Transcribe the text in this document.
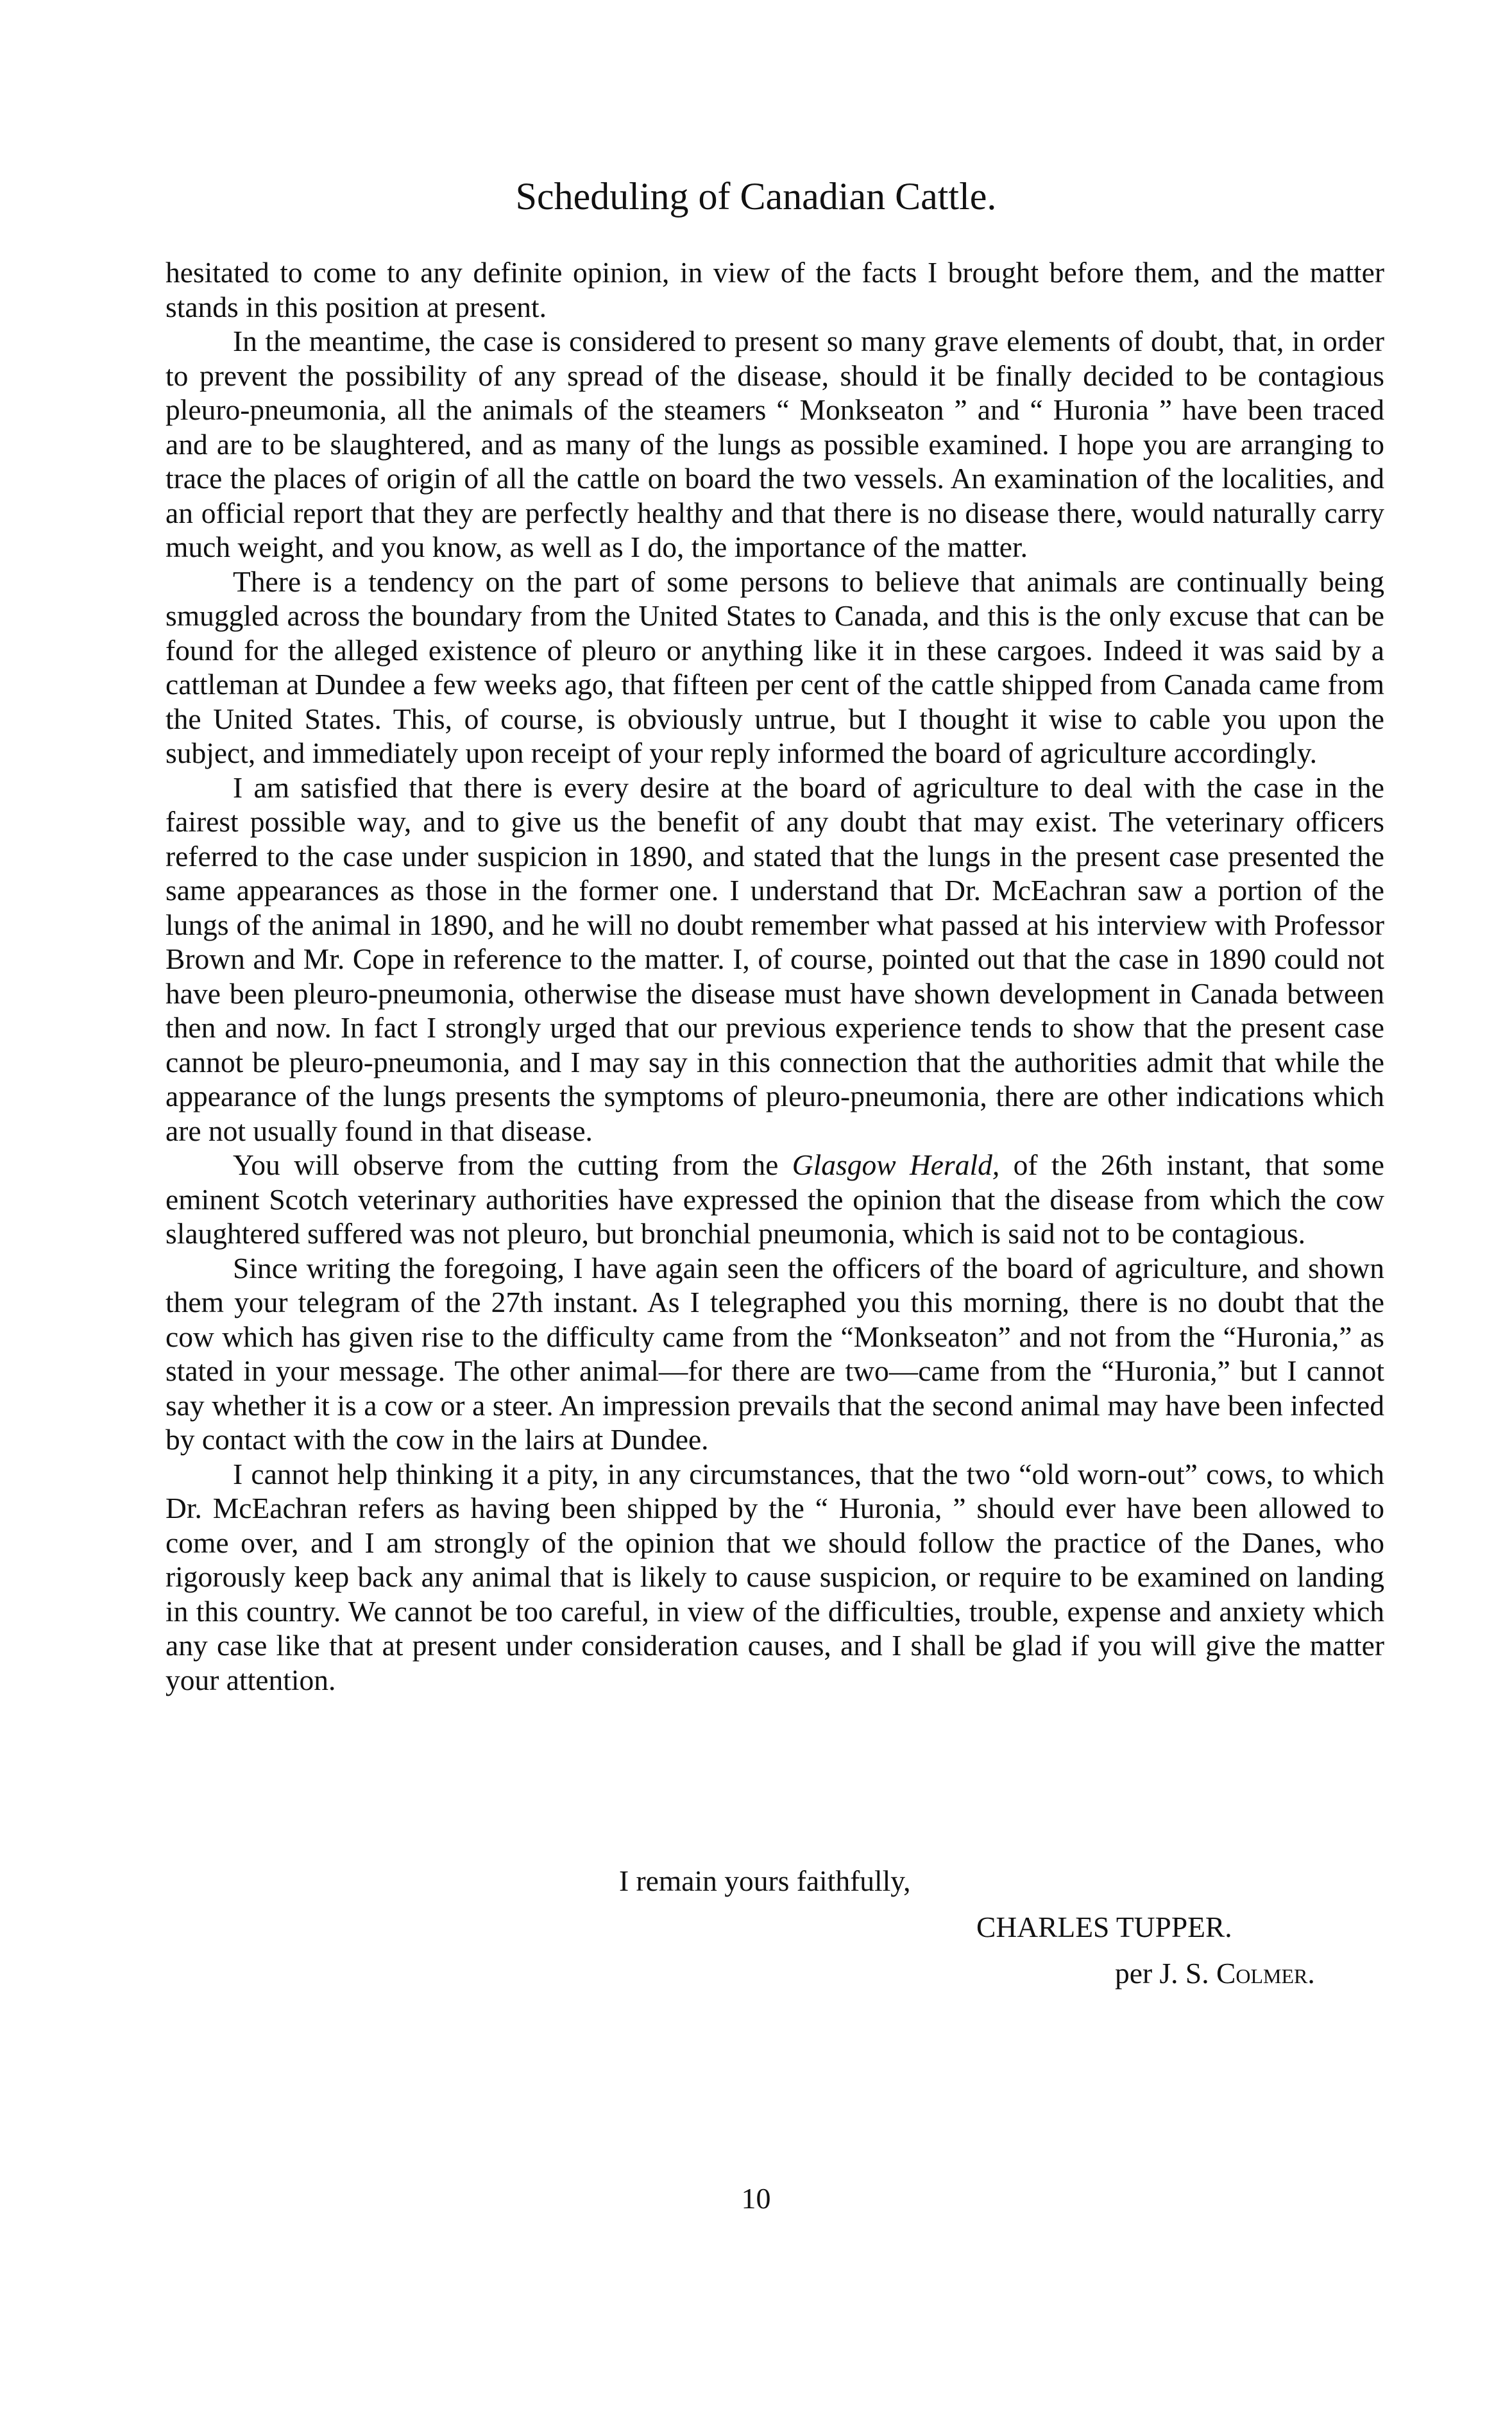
Scheduling of Canadian Cattle.

hesitated to come to any definite opinion, in view of the facts I brought before them, and the matter stands in this position at present.

In the meantime, the case is considered to present so many grave elements of doubt, that, in order to prevent the possibility of any spread of the disease, should it be finally decided to be contagious pleuro-pneumonia, all the animals of the steamers “ Monkseaton ” and “ Huronia ” have been traced and are to be slaughtered, and as many of the lungs as possible examined. I hope you are arranging to trace the places of origin of all the cattle on board the two vessels. An examination of the localities, and an official report that they are perfectly healthy and that there is no disease there, would naturally carry much weight, and you know, as well as I do, the importance of the matter.

There is a tendency on the part of some persons to believe that animals are continually being smuggled across the boundary from the United States to Canada, and this is the only excuse that can be found for the alleged existence of pleuro or anything like it in these cargoes. Indeed it was said by a cattleman at Dundee a few weeks ago, that fifteen per cent of the cattle shipped from Canada came from the United States. This, of course, is obviously untrue, but I thought it wise to cable you upon the subject, and immediately upon receipt of your reply informed the board of agriculture accordingly.

I am satisfied that there is every desire at the board of agriculture to deal with the case in the fairest possible way, and to give us the benefit of any doubt that may exist. The veterinary officers referred to the case under suspicion in 1890, and stated that the lungs in the present case presented the same appearances as those in the former one. I understand that Dr. McEachran saw a portion of the lungs of the animal in 1890, and he will no doubt remember what passed at his interview with Professor Brown and Mr. Cope in reference to the matter. I, of course, pointed out that the case in 1890 could not have been pleuro-pneumonia, otherwise the disease must have shown development in Canada between then and now. In fact I strongly urged that our previous experience tends to show that the present case cannot be pleuro-pneumonia, and I may say in this connection that the authorities admit that while the appearance of the lungs presents the symptoms of pleuro-pneumonia, there are other indications which are not usually found in that disease.

You will observe from the cutting from the Glasgow Herald, of the 26th instant, that some eminent Scotch veterinary authorities have expressed the opinion that the disease from which the cow slaughtered suffered was not pleuro, but bronchial pneumonia, which is said not to be contagious.

Since writing the foregoing, I have again seen the officers of the board of agriculture, and shown them your telegram of the 27th instant. As I telegraphed you this morning, there is no doubt that the cow which has given rise to the difficulty came from the “Monkseaton” and not from the “Huronia,” as stated in your message. The other animal—for there are two—came from the “Huronia,” but I cannot say whether it is a cow or a steer. An impression prevails that the second animal may have been infected by contact with the cow in the lairs at Dundee.

I cannot help thinking it a pity, in any circumstances, that the two “old worn-out” cows, to which Dr. McEachran refers as having been shipped by the “ Huronia, ” should ever have been allowed to come over, and I am strongly of the opinion that we should follow the practice of the Danes, who rigorously keep back any animal that is likely to cause suspicion, or require to be examined on landing in this country. We cannot be too careful, in view of the difficulties, trouble, expense and anxiety which any case like that at present under consideration causes, and I shall be glad if you will give the matter your attention.

I remain yours faithfully,
CHARLES TUPPER.
per J. S. Colmer.
10
